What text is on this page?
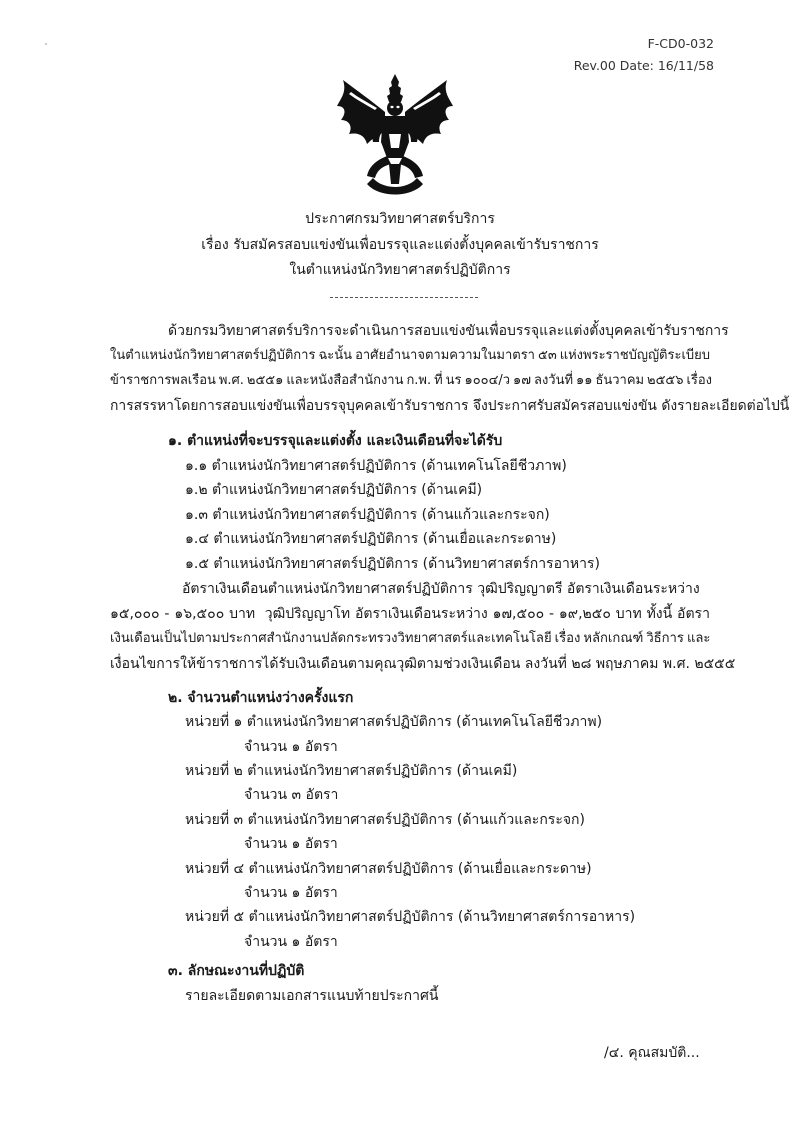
F-CD0-032
Rev.00 Date: 16/11/58
ประกาศกรมวิทยาศาสตร์บริการ
เรื่อง รับสมัครสอบแข่งขันเพื่อบรรจุและแต่งตั้งบุคคลเข้ารับราชการ
ในตำแหน่งนักวิทยาศาสตร์ปฏิบัติการ
ด้วยกรมวิทยาศาสตร์บริการจะดำเนินการสอบแข่งขันเพื่อบรรจุและแต่งตั้งบุคคลเข้ารับราชการ
ในตำแหน่งนักวิทยาศาสตร์ปฏิบัติการ ฉะนั้น อาศัยอำนาจตามความในมาตรา ๕๓ แห่งพระราชบัญญัติระเบียบ
ข้าราชการพลเรือน พ.ศ. ๒๕๕๑ และหนังสือสำนักงาน ก.พ. ที่ นร ๑๐๐๔/ว ๑๗ ลงวันที่ ๑๑ ธันวาคม ๒๕๕๖ เรื่อง
การสรรหาโดยการสอบแข่งขันเพื่อบรรจุบุคคลเข้ารับราชการ จึงประกาศรับสมัครสอบแข่งขัน ดังรายละเอียดต่อไปนี้
๑. ตำแหน่งที่จะบรรจุและแต่งตั้ง และเงินเดือนที่จะได้รับ
๑.๑ ตำแหน่งนักวิทยาศาสตร์ปฏิบัติการ (ด้านเทคโนโลยีชีวภาพ)
๑.๒ ตำแหน่งนักวิทยาศาสตร์ปฏิบัติการ (ด้านเคมี)
๑.๓ ตำแหน่งนักวิทยาศาสตร์ปฏิบัติการ (ด้านแก้วและกระจก)
๑.๔ ตำแหน่งนักวิทยาศาสตร์ปฏิบัติการ (ด้านเยื่อและกระดาษ)
๑.๕ ตำแหน่งนักวิทยาศาสตร์ปฏิบัติการ (ด้านวิทยาศาสตร์การอาหาร)
อัตราเงินเดือนตำแหน่งนักวิทยาศาสตร์ปฏิบัติการ วุฒิปริญญาตรี อัตราเงินเดือนระหว่าง
๑๕,๐๐๐ - ๑๖,๕๐๐ บาท วุฒิปริญญาโท อัตราเงินเดือนระหว่าง ๑๗,๕๐๐ - ๑๙,๒๕๐ บาท ทั้งนี้ อัตรา
เงินเดือนเป็นไปตามประกาศสำนักงานปลัดกระทรวงวิทยาศาสตร์และเทคโนโลยี เรื่อง หลักเกณฑ์ วิธีการ และ
เงื่อนไขการให้ข้าราชการได้รับเงินเดือนตามคุณวุฒิตามช่วงเงินเดือน ลงวันที่ ๒๘ พฤษภาคม พ.ศ. ๒๕๕๕
๒. จำนวนตำแหน่งว่างครั้งแรก
หน่วยที่ ๑ ตำแหน่งนักวิทยาศาสตร์ปฏิบัติการ (ด้านเทคโนโลยีชีวภาพ)
จำนวน ๑ อัตรา
หน่วยที่ ๒ ตำแหน่งนักวิทยาศาสตร์ปฏิบัติการ (ด้านเคมี)
จำนวน ๓ อัตรา
หน่วยที่ ๓ ตำแหน่งนักวิทยาศาสตร์ปฏิบัติการ (ด้านแก้วและกระจก)
จำนวน ๑ อัตรา
หน่วยที่ ๔ ตำแหน่งนักวิทยาศาสตร์ปฏิบัติการ (ด้านเยื่อและกระดาษ)
จำนวน ๑ อัตรา
หน่วยที่ ๕ ตำแหน่งนักวิทยาศาสตร์ปฏิบัติการ (ด้านวิทยาศาสตร์การอาหาร)
จำนวน ๑ อัตรา
๓. ลักษณะงานที่ปฏิบัติ
รายละเอียดตามเอกสารแนบท้ายประกาศนี้
/๔. คุณสมบัติ...
